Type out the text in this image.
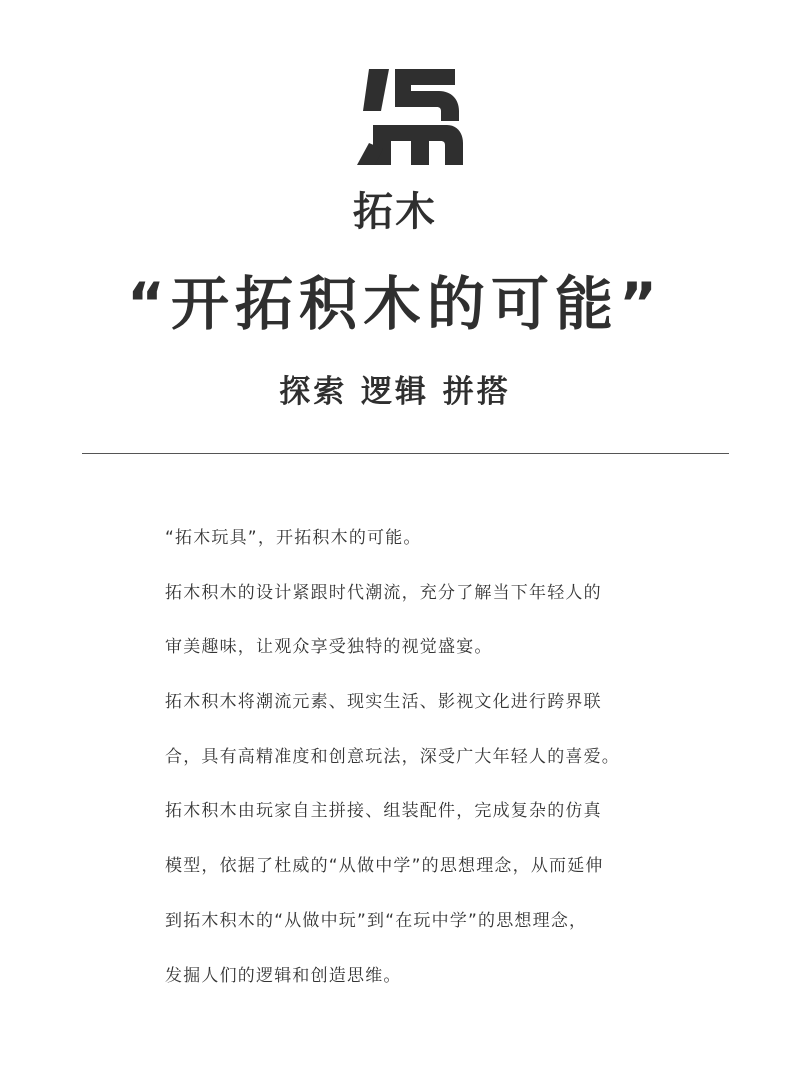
拓木
“开拓积木的可能”
探索 逻辑 拼搭
“拓木玩具”，开拓积木的可能。
拓木积木的设计紧跟时代潮流，充分了解当下年轻人的
审美趣味，让观众享受独特的视觉盛宴。
拓木积木将潮流元素、现实生活、影视文化进行跨界联
合，具有高精准度和创意玩法，深受广大年轻人的喜爱。
拓木积木由玩家自主拼接、组装配件，完成复杂的仿真
模型，依据了杜威的“从做中学”的思想理念，从而延伸
到拓木积木的“从做中玩”到“在玩中学”的思想理念，
发掘人们的逻辑和创造思维。
